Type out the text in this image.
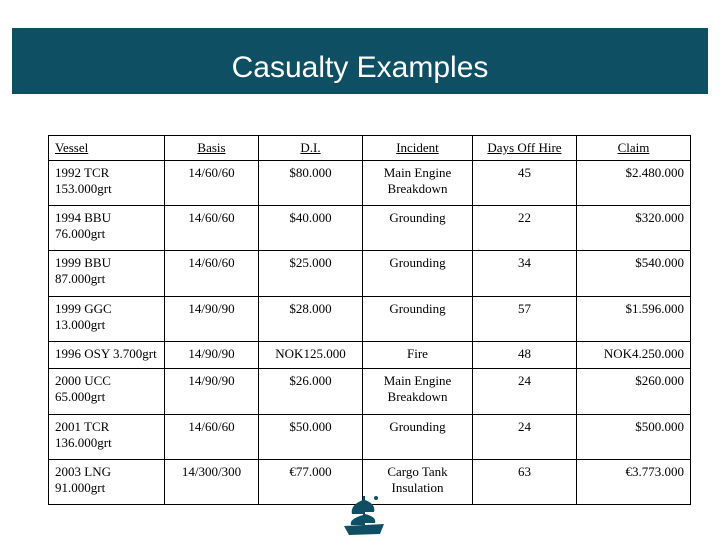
Casualty Examples
Vessel	Basis	D.I.	Incident	Days Off Hire	Claim
1992 TCR 153.000grt	14/60/60	$80.000	Main Engine Breakdown	45	$2.480.000
1994 BBU 76.000grt	14/60/60	$40.000	Grounding	22	$320.000
1999 BBU 87.000grt	14/60/60	$25.000	Grounding	34	$540.000
1999 GGC 13.000grt	14/90/90	$28.000	Grounding	57	$1.596.000
1996 OSY 3.700grt	14/90/90	NOK125.000	Fire	48	NOK4.250.000
2000 UCC 65.000grt	14/90/90	$26.000	Main Engine Breakdown	24	$260.000
2001 TCR 136.000grt	14/60/60	$50.000	Grounding	24	$500.000
2003 LNG 91.000grt	14/300/300	€77.000	Cargo Tank Insulation	63	€3.773.000
